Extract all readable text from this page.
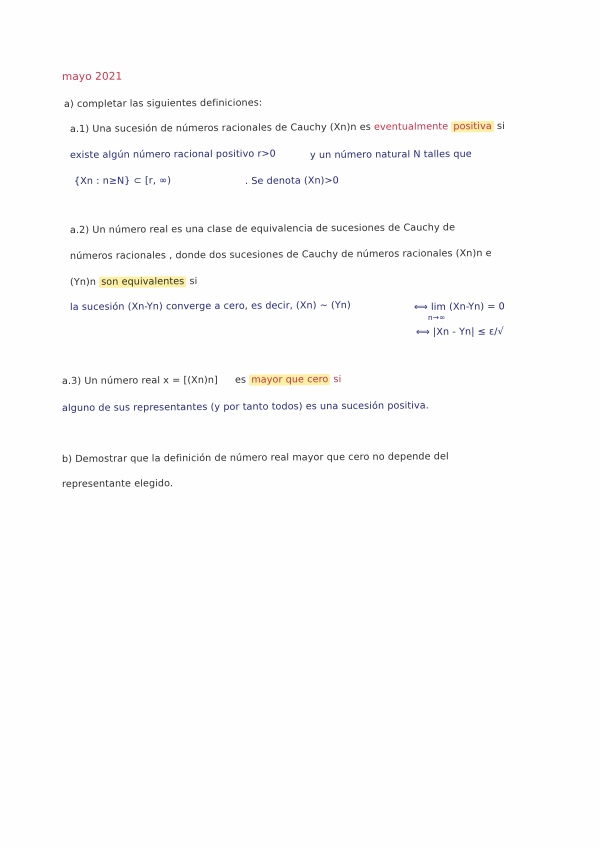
mayo 2021
a) completar las siguientes definiciones:
a.1) Una sucesión de números racionales de Cauchy (Xn)n es eventualmente positiva si
existe algún número racional positivo r>0	y un número natural N talles que
{Xn : n≥N} ⊂ [r, ∞)	. Se denota (Xn)>0
a.2) Un número real es una clase de equivalencia de sucesiones de Cauchy de
números racionales , donde dos sucesiones de Cauchy de números racionales (Xn)n e
(Yn)n son equivalentes si
la sucesión (Xn-Yn) converge a cero, es decir, (Xn) ~ (Yn)	⟺ lim (Xn-Yn) = 0
n→∞
⟺ |Xn - Yn| ≤ ε/√
a.3) Un número real x = [(Xn)n] es mayor que cero si
alguno de sus representantes (y por tanto todos) es una sucesión positiva.
b) Demostrar que la definición de número real mayor que cero no depende del
representante elegido.
